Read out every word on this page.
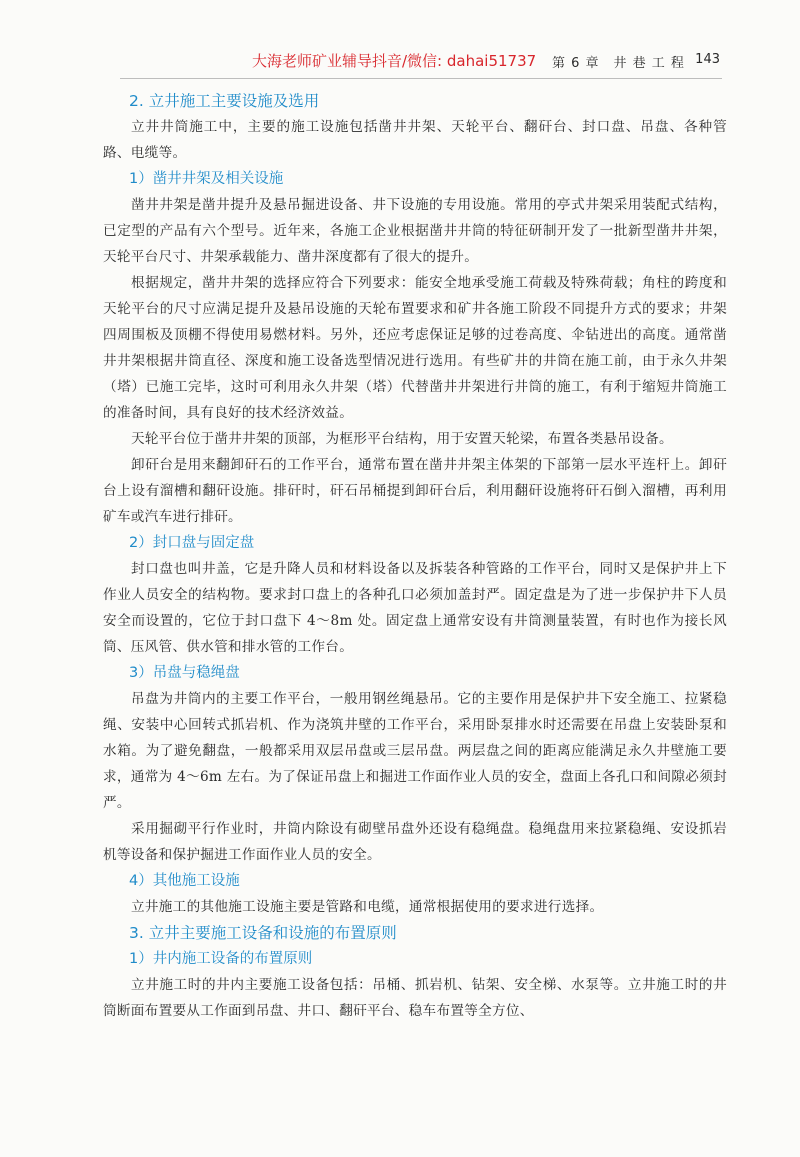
大海老师矿业辅导抖音/微信: dahai51737 第 6 章　井 巷 工 程 143
2. 立井施工主要设施及选用
立井井筒施工中，主要的施工设施包括凿井井架、天轮平台、翻矸台、封口盘、吊盘、各种管路、电缆等。
1）凿井井架及相关设施
凿井井架是凿井提升及悬吊掘进设备、井下设施的专用设施。常用的亭式井架采用装配式结构，已定型的产品有六个型号。近年来，各施工企业根据凿井井筒的特征研制开发了一批新型凿井井架，天轮平台尺寸、井架承载能力、凿井深度都有了很大的提升。
根据规定，凿井井架的选择应符合下列要求：能安全地承受施工荷载及特殊荷载；角柱的跨度和天轮平台的尺寸应满足提升及悬吊设施的天轮布置要求和矿井各施工阶段不同提升方式的要求；井架四周围板及顶棚不得使用易燃材料。另外，还应考虑保证足够的过卷高度、伞钻进出的高度。通常凿井井架根据井筒直径、深度和施工设备选型情况进行选用。有些矿井的井筒在施工前，由于永久井架（塔）已施工完毕，这时可利用永久井架（塔）代替凿井井架进行井筒的施工，有利于缩短井筒施工的准备时间，具有良好的技术经济效益。
天轮平台位于凿井井架的顶部，为框形平台结构，用于安置天轮梁，布置各类悬吊设备。
卸矸台是用来翻卸矸石的工作平台，通常布置在凿井井架主体架的下部第一层水平连杆上。卸矸台上设有溜槽和翻矸设施。排矸时，矸石吊桶提到卸矸台后，利用翻矸设施将矸石倒入溜槽，再利用矿车或汽车进行排矸。
2）封口盘与固定盘
封口盘也叫井盖，它是升降人员和材料设备以及拆装各种管路的工作平台，同时又是保护井上下作业人员安全的结构物。要求封口盘上的各种孔口必须加盖封严。固定盘是为了进一步保护井下人员安全而设置的，它位于封口盘下 4～8m 处。固定盘上通常安设有井筒测量装置，有时也作为接长风筒、压风管、供水管和排水管的工作台。
3）吊盘与稳绳盘
吊盘为井筒内的主要工作平台，一般用钢丝绳悬吊。它的主要作用是保护井下安全施工、拉紧稳绳、安装中心回转式抓岩机、作为浇筑井壁的工作平台，采用卧泵排水时还需要在吊盘上安装卧泵和水箱。为了避免翻盘，一般都采用双层吊盘或三层吊盘。两层盘之间的距离应能满足永久井壁施工要求，通常为 4～6m 左右。为了保证吊盘上和掘进工作面作业人员的安全，盘面上各孔口和间隙必须封严。
采用掘砌平行作业时，井筒内除设有砌壁吊盘外还设有稳绳盘。稳绳盘用来拉紧稳绳、安设抓岩机等设备和保护掘进工作面作业人员的安全。
4）其他施工设施
立井施工的其他施工设施主要是管路和电缆，通常根据使用的要求进行选择。
3. 立井主要施工设备和设施的布置原则
1）井内施工设备的布置原则
立井施工时的井内主要施工设备包括：吊桶、抓岩机、钻架、安全梯、水泵等。立井施工时的井筒断面布置要从工作面到吊盘、井口、翻矸平台、稳车布置等全方位、
